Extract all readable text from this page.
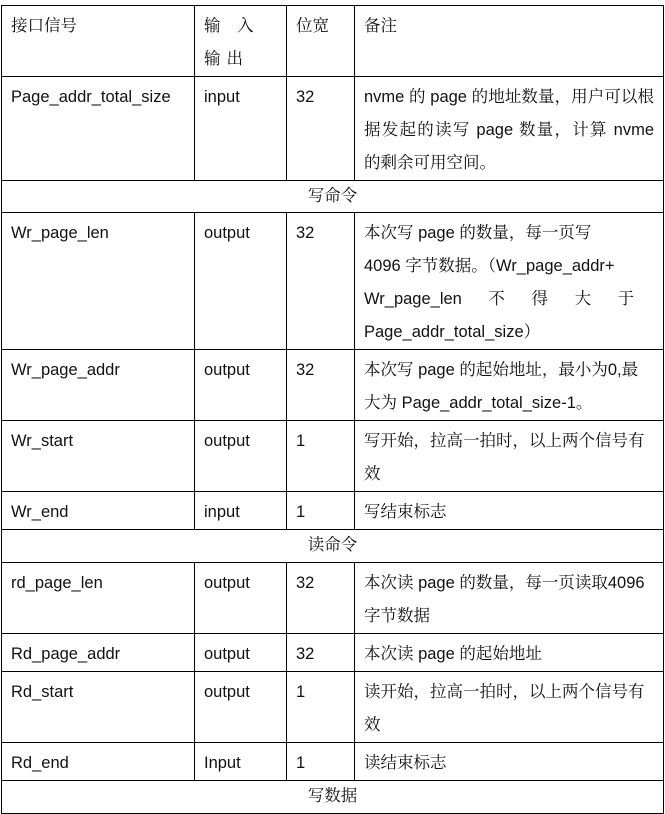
接口信号	输 入 输出	位宽	备注
Page_addr_total_size	input	32	nvme 的 page 的地址数量，用户可以根据发起的读写 page 数量，计算 nvme 的剩余可用空间。
写命令			
Wr_page_len	output	32	本次写 page 的数量，每一页写
4096 字节数据。（Wr_page_addr+
Wr_page_len 不 得 大 于
Page_addr_total_size）

Wr_page_addr	output	32	本次写 page 的起始地址，最小为0,最大为 Page_addr_total_size-1。
Wr_start	output	1	写开始，拉高一拍时，以上两个信号有效
Wr_end	input	1	写结束标志
读命令			
rd_page_len	output	32	本次读 page 的数量，每一页读取4096 字节数据
Rd_page_addr	output	32	本次读 page 的起始地址
Rd_start	output	1	读开始，拉高一拍时，以上两个信号有效
Rd_end	Input	1	读结束标志
写数据			
